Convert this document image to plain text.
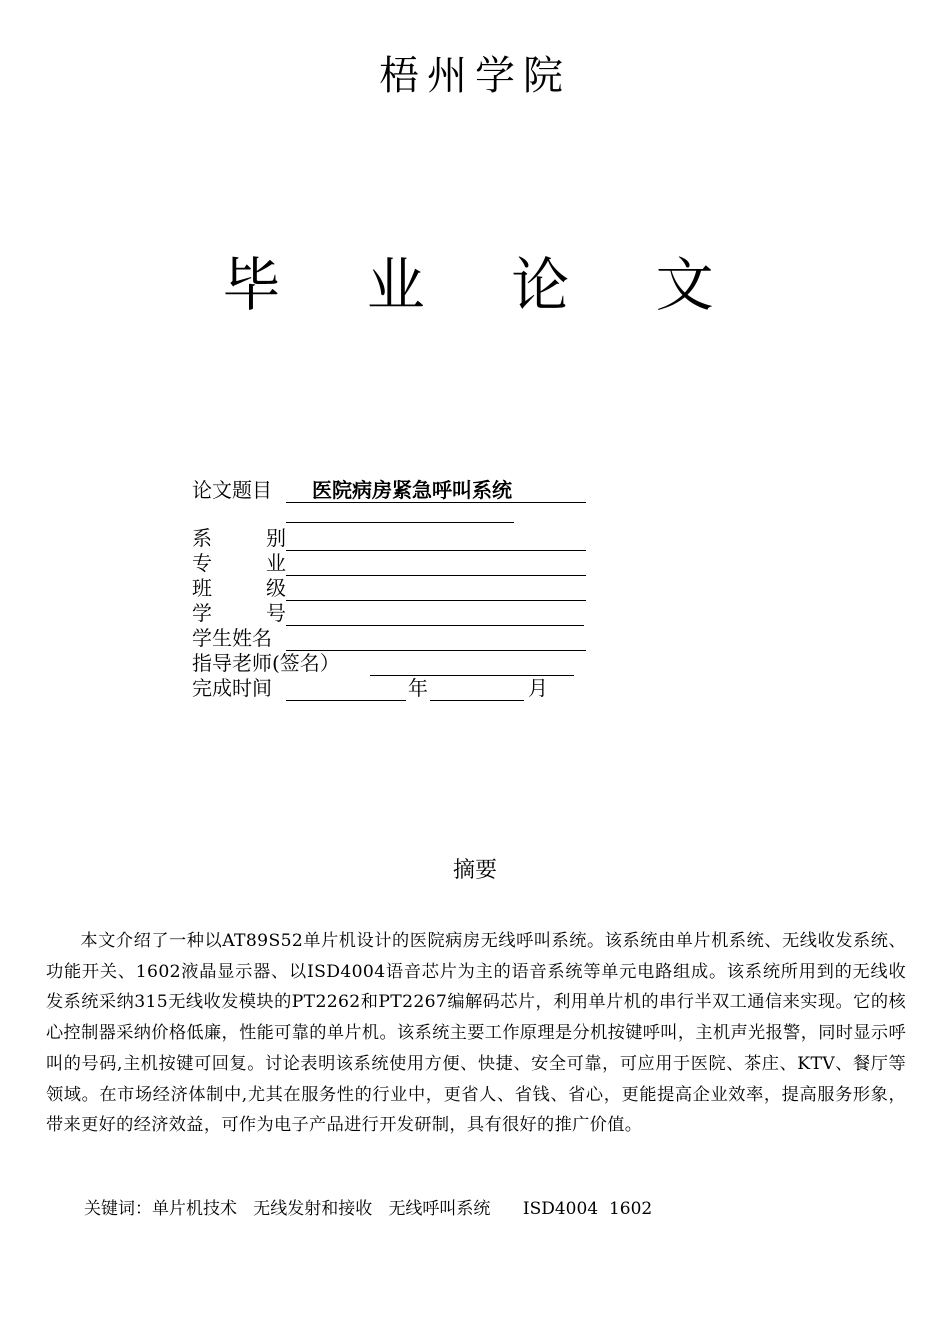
梧州学院
毕 业 论 文
论文题目	医院病房紧急呼叫系统
系	别
专	业
班	级
学	号
学生姓名
指导老师(签名）
完成时间	年	月
摘要
本文介绍了一种以AT89S52单片机设计的医院病房无线呼叫系统。该系统由单片机系统、无线收发系统、功能开关、1602液晶显示器、以ISD4004语音芯片为主的语音系统等单元电路组成。该系统所用到的无线收发系统采纳315无线收发模块的PT2262和PT2267编解码芯片，利用单片机的串行半双工通信来实现。它的核心控制器采纳价格低廉，性能可靠的单片机。该系统主要工作原理是分机按键呼叫，主机声光报警，同时显示呼叫的号码,主机按键可回复。讨论表明该系统使用方便、快捷、安全可靠，可应用于医院、茶庄、KTV、餐厅等领域。在市场经济体制中,尤其在服务性的行业中，更省人、省钱、省心，更能提高企业效率，提高服务形象，带来更好的经济效益，可作为电子产品进行开发研制，具有很好的推广价值。
关键词：单片机技术 无线发射和接收 无线呼叫系统 ISD4004 1602
